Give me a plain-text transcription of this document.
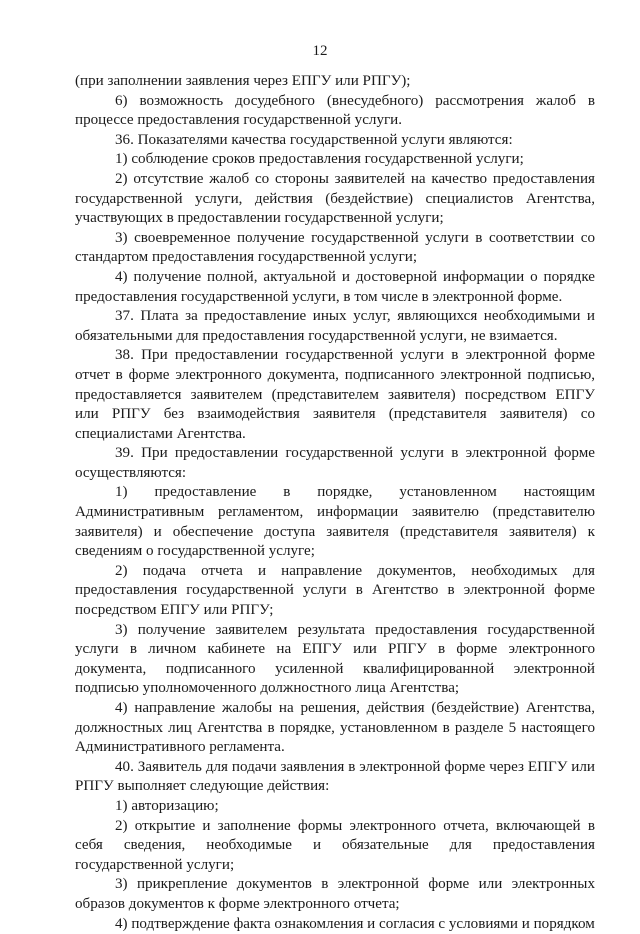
12

(при заполнении заявления через ЕПГУ или РПГУ);

6) возможность досудебного (внесудебного) рассмотрения жалоб в процессе предоставления государственной услуги.

36. Показателями качества государственной услуги являются:

1) соблюдение сроков предоставления государственной услуги;

2) отсутствие жалоб со стороны заявителей на качество предоставления государственной услуги, действия (бездействие) специалистов Агентства, участвующих в предоставлении государственной услуги;

3) своевременное получение государственной услуги в соответствии со стандартом предоставления государственной услуги;

4) получение полной, актуальной и достоверной информации о порядке предоставления государственной услуги, в том числе в электронной форме.

37. Плата за предоставление иных услуг, являющихся необходимыми и обязательными для предоставления государственной услуги, не взимается.

38. При предоставлении государственной услуги в электронной форме отчет в форме электронного документа, подписанного электронной подписью, предоставляется заявителем (представителем заявителя) посредством ЕПГУ или РПГУ без взаимодействия заявителя (представителя заявителя) со специалистами Агентства.

39. При предоставлении государственной услуги в электронной форме осуществляются:

1) предоставление в порядке, установленном настоящим Административным регламентом, информации заявителю (представителю заявителя) и обеспечение доступа заявителя (представителя заявителя) к сведениям о государственной услуге;

2) подача отчета и направление документов, необходимых для предоставления государственной услуги в Агентство в электронной форме посредством ЕПГУ или РПГУ;

3) получение заявителем результата предоставления государственной услуги в личном кабинете на ЕПГУ или РПГУ в форме электронного документа, подписанного усиленной квалифицированной электронной подписью уполномоченного должностного лица Агентства;

4) направление жалобы на решения, действия (бездействие) Агентства, должностных лиц Агентства в порядке, установленном в разделе 5 настоящего Административного регламента.

40. Заявитель для подачи заявления в электронной форме через ЕПГУ или РПГУ выполняет следующие действия:

1) авторизацию;

2) открытие и заполнение формы электронного отчета, включающей в себя сведения, необходимые и обязательные для предоставления государственной услуги;

3) прикрепление документов в электронной форме или электронных образов документов к форме электронного отчета;

4) подтверждение факта ознакомления и согласия с условиями и порядком
